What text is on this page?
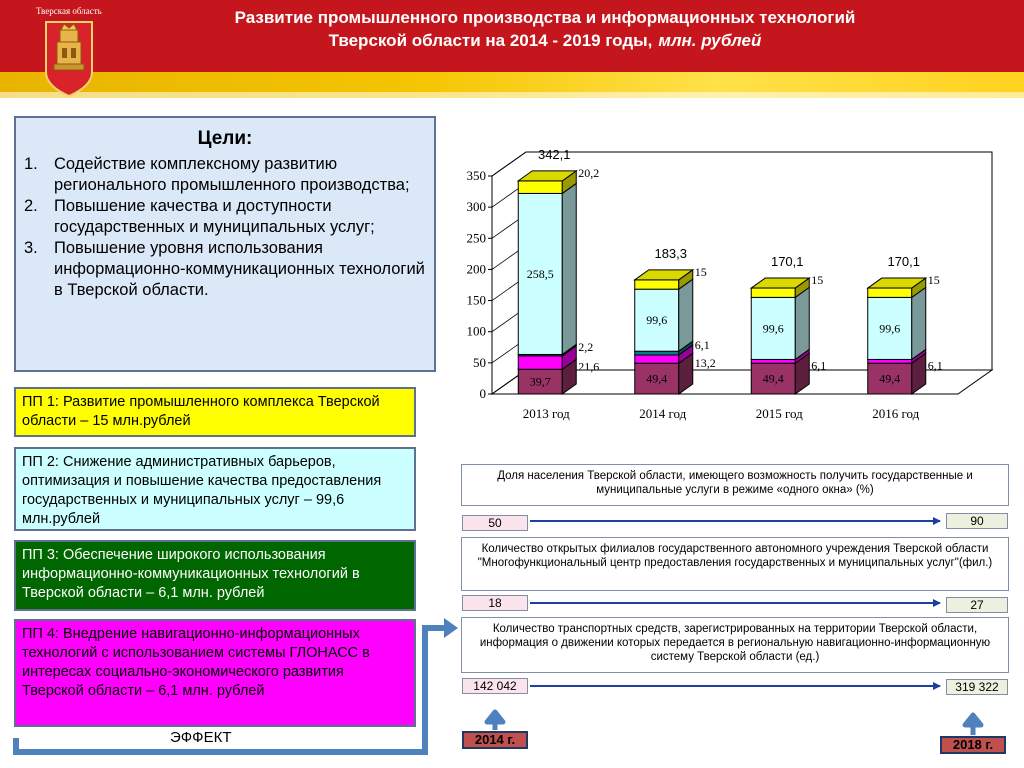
Тверская область	Развитие промышленного производства и информационных технологий
Тверской области на 2014 - 2019 годы, млн. рублей
Цели:

1. Содействие комплексному развитию регионального промышленного производства;

2. Повышение качества и доступности государственных и муниципальных услуг;

3. Повышение уровня использования информационно-коммуникационных технологий в Тверской области.

ПП 1: Развитие промышленного комплекса Тверской области – 15 млн.рублей
ПП 2: Снижение административных барьеров, оптимизация и повышение качества предоставления государственных и муниципальных услуг – 99,6 млн.рублей
ПП 3: Обеспечение широкого использования информационно-коммуникационных технологий в Тверской области – 6,1 млн. рублей
ПП 4: Внедрение навигационно-информационных технологий с использованием системы ГЛОНАСС в интересах социально-экономического развития Тверской области – 6,1 млн. рублей
ЭФФЕКТ
0
50
100
150
200
250
300
350
39,7
21,6
2,2
258,5
20,2
342,1
2013 год
49,4
13,2
6,1
99,6
15
183,3
2014 год
49,4
6,1
99,6
15
170,1
2015 год
49,4
6,1
99,6
15
170,1
2016 год
Доля населения Тверской области, имеющего возможность получить государственные и муниципальные услуги в режиме «одного окна» (%)
50	90
Количество открытых филиалов государственного автономного учреждения Тверской области "Многофункциональный центр предоставления государственных и муниципальных услуг"(фил.)
18	27
Количество транспортных средств, зарегистрированных на территории Тверской области, информация о движении которых передается в региональную навигационно-информационную систему Тверской области (ед.)
142 042	319 322
2014 г.	2018 г.
